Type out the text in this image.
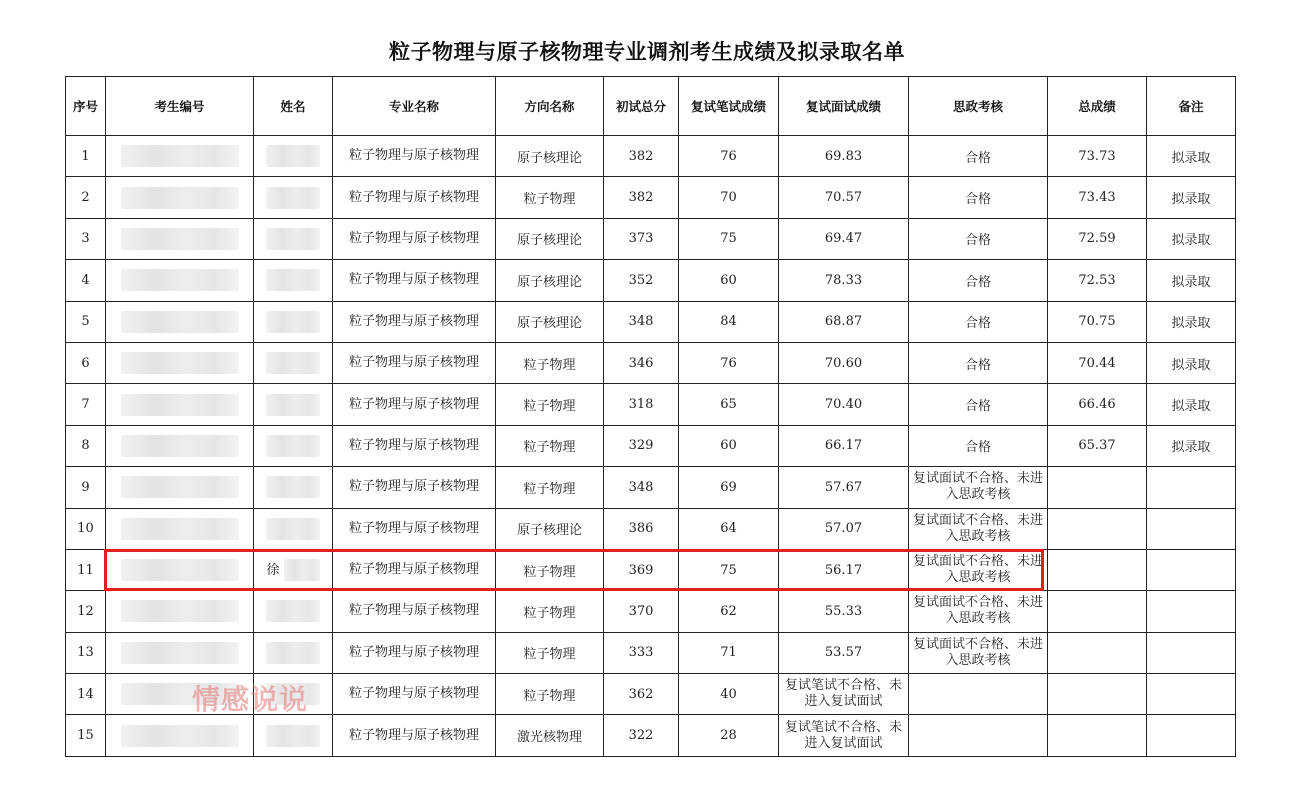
粒子物理与原子核物理专业调剂考生成绩及拟录取名单
序号	考生编号	姓名	专业名称	方向名称	初试总分	复试笔试成绩	复试面试成绩	思政考核	总成绩	备注
1			粒子物理与原子核物理	原子核理论	382	76	69.83	合格	73.73	拟录取
2			粒子物理与原子核物理	粒子物理	382	70	70.57	合格	73.43	拟录取
3			粒子物理与原子核物理	原子核理论	373	75	69.47	合格	72.59	拟录取
4			粒子物理与原子核物理	原子核理论	352	60	78.33	合格	72.53	拟录取
5			粒子物理与原子核物理	原子核理论	348	84	68.87	合格	70.75	拟录取
6			粒子物理与原子核物理	粒子物理	346	76	70.60	合格	70.44	拟录取
7			粒子物理与原子核物理	粒子物理	318	65	70.40	合格	66.46	拟录取
8			粒子物理与原子核物理	粒子物理	329	60	66.17	合格	65.37	拟录取
9			粒子物理与原子核物理	粒子物理	348	69	57.67	复试面试不合格、未进入思政考核		
10			粒子物理与原子核物理	原子核理论	386	64	57.07	复试面试不合格、未进入思政考核		
11		徐	粒子物理与原子核物理	粒子物理	369	75	56.17	复试面试不合格、未进入思政考核		
12			粒子物理与原子核物理	粒子物理	370	62	55.33	复试面试不合格、未进入思政考核		
13			粒子物理与原子核物理	粒子物理	333	71	53.57	复试面试不合格、未进入思政考核		
14			粒子物理与原子核物理	粒子物理	362	40	复试笔试不合格、未进入复试面试			
15			粒子物理与原子核物理	激光核物理	322	28	复试笔试不合格、未进入复试面试			
情感说说
